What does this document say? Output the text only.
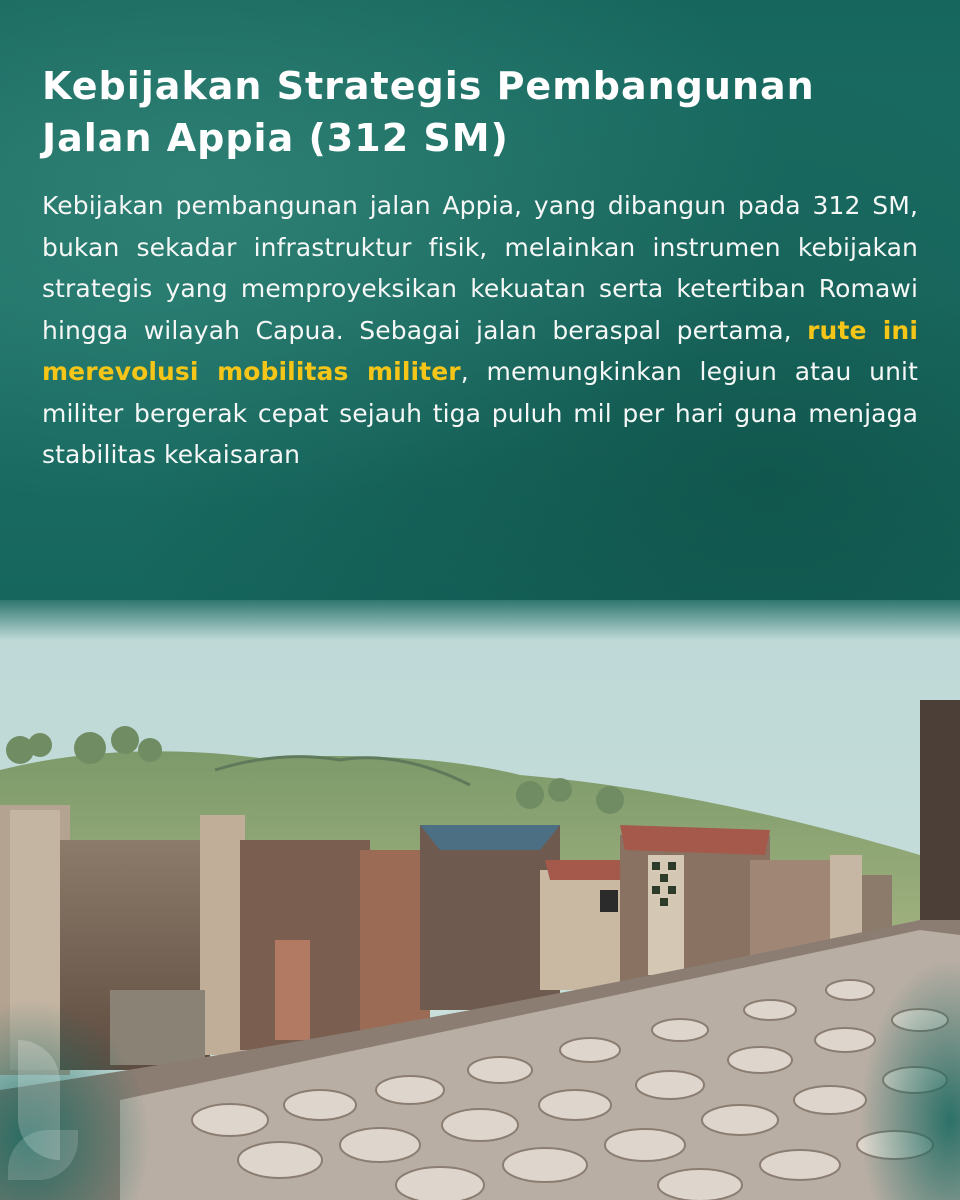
Kebijakan Strategis Pembangunan
Jalan Appia (312 SM)

Kebijakan pembangunan jalan Appia, yang dibangun pada 312 SM, bukan sekadar infrastruktur fisik, melainkan instrumen kebijakan strategis yang memproyeksikan kekuatan serta ketertiban Romawi hingga wilayah Capua. Sebagai jalan beraspal pertama, rute ini merevolusi mobilitas militer, memungkinkan legiun atau unit militer bergerak cepat sejauh tiga puluh mil per hari guna menjaga stabilitas kekaisaran
